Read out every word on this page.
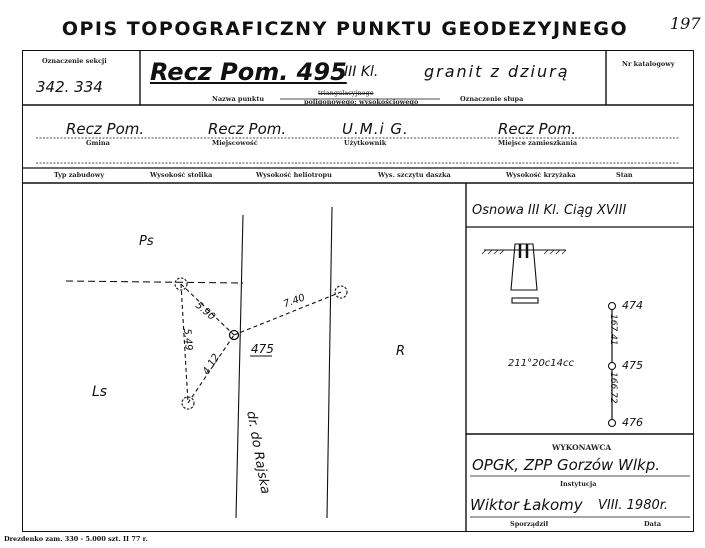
OPIS TOPOGRAFICZNY PUNKTU GEODEZYJNEGO	197
Oznaczenie sekcji
342. 334
Recz Pom. 495
III Kl.	granit z dziurą
Nazwa punktu
triangulacyjnego
poligonowego; wysokościowego	Oznaczenie słupa
Nr katalogowy
Recz Pom.
Gmina
Recz Pom.
Miejscowość
U.M.i G.
Użytkownik
Recz Pom.
Miejsce zamieszkania
Typ zabudowy	Wysokość stolika	Wysokość heliotropu	Wys. szczytu daszka	Wysokość krzyżaka	Stan
Ps
Ls
R
475
dr. do Rajska
5.90	7.40
5.49
4.12
Osnowa III Kl. Ciąg XVIII
474
475
476
211°20c14cc
167.41
166.72
WYKONAWCA
OPGK, ZPP Gorzów Wlkp.
Instytucja
Wiktor Łakomy VIII. 1980r.
Sporządził	Data
Drezdenko zam. 330 - 5.000 szt. II 77 r.
